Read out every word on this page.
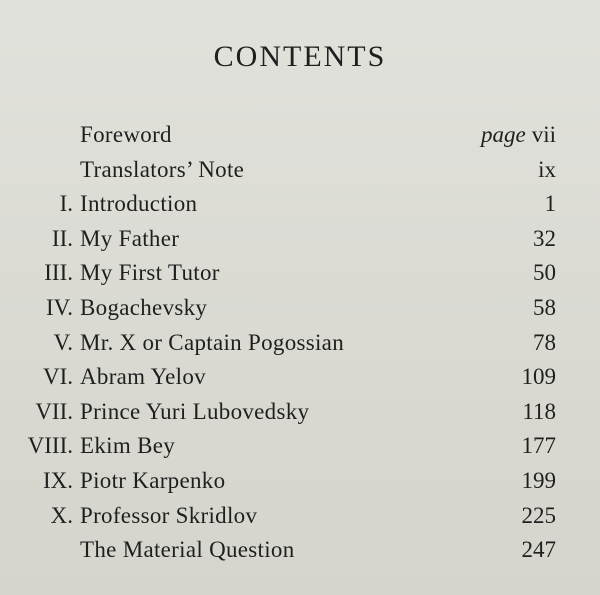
CONTENTS
Foreword	page vii
Translators’ Note	ix
I. Introduction	1
II. My Father	32
III. My First Tutor	50
IV. Bogachevsky	58
V. Mr. X or Captain Pogossian	78
VI. Abram Yelov	109
VII. Prince Yuri Lubovedsky	118
VIII. Ekim Bey	177
IX. Piotr Karpenko	199
X. Professor Skridlov	225
The Material Question	247
